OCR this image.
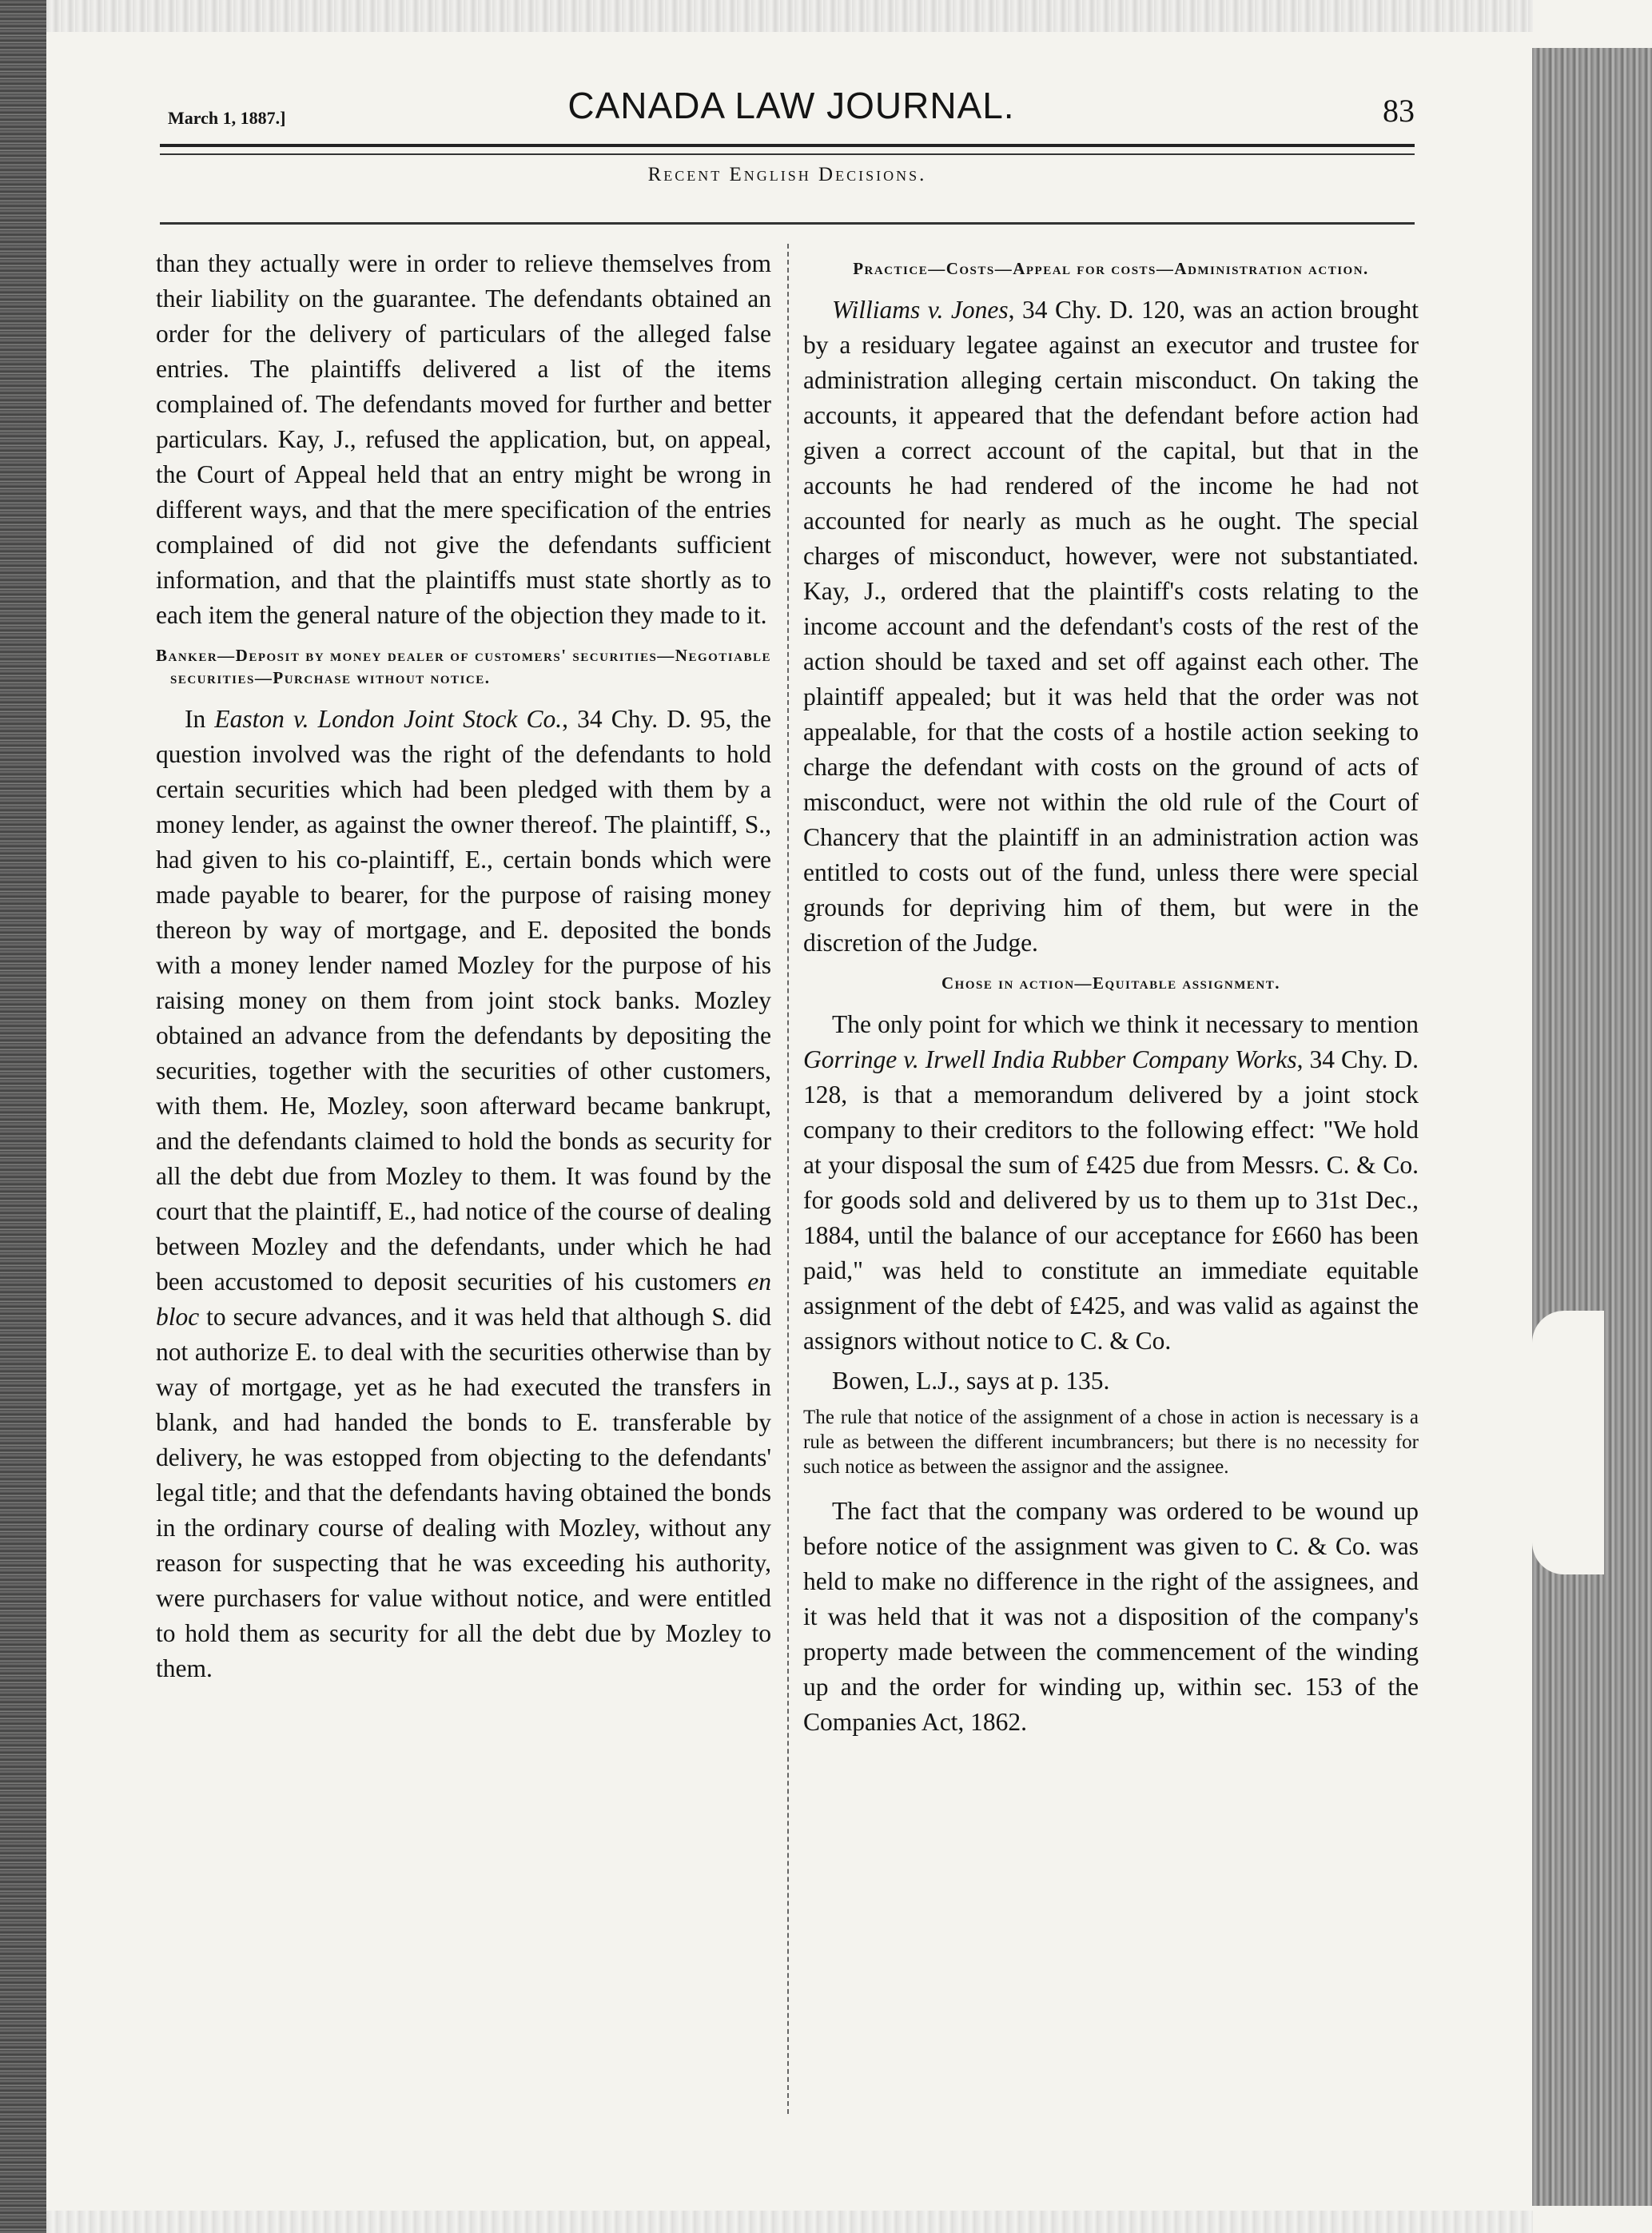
March 1, 1887.]	CANADA LAW JOURNAL.	83
Recent English Decisions.

than they actually were in order to relieve themselves from their liability on the guarantee. The defendants obtained an order for the delivery of particulars of the alleged false entries. The plaintiffs delivered a list of the items complained of. The defendants moved for further and better particulars. Kay, J., refused the application, but, on appeal, the Court of Appeal held that an entry might be wrong in different ways, and that the mere specification of the entries complained of did not give the defendants sufficient information, and that the plaintiffs must state shortly as to each item the general nature of the objection they made to it.

Banker—Deposit by money dealer of customers' securities—Negotiable securities—Purchase without notice.

In Easton v. London Joint Stock Co., 34 Chy. D. 95, the question involved was the right of the defendants to hold certain securities which had been pledged with them by a money lender, as against the owner thereof. The plaintiff, S., had given to his co-plaintiff, E., certain bonds which were made payable to bearer, for the purpose of raising money thereon by way of mortgage, and E. deposited the bonds with a money lender named Mozley for the purpose of his raising money on them from joint stock banks. Mozley obtained an advance from the defendants by depositing the securities, together with the securities of other customers, with them. He, Mozley, soon afterward became bankrupt, and the defendants claimed to hold the bonds as security for all the debt due from Mozley to them. It was found by the court that the plaintiff, E., had notice of the course of dealing between Mozley and the defendants, under which he had been accustomed to deposit securities of his customers en bloc to secure advances, and it was held that although S. did not authorize E. to deal with the securities otherwise than by way of mortgage, yet as he had executed the transfers in blank, and had handed the bonds to E. transferable by delivery, he was estopped from objecting to the defendants' legal title; and that the defendants having obtained the bonds in the ordinary course of dealing with Mozley, without any reason for suspecting that he was exceeding his authority, were purchasers for value without notice, and were entitled to hold them as security for all the debt due by Mozley to them.

Practice—Costs—Appeal for costs—Administration action.

Williams v. Jones, 34 Chy. D. 120, was an action brought by a residuary legatee against an executor and trustee for administration alleging certain misconduct. On taking the accounts, it appeared that the defendant before action had given a correct account of the capital, but that in the accounts he had rendered of the income he had not accounted for nearly as much as he ought. The special charges of misconduct, however, were not substantiated. Kay, J., ordered that the plaintiff's costs relating to the income account and the defendant's costs of the rest of the action should be taxed and set off against each other. The plaintiff appealed; but it was held that the order was not appealable, for that the costs of a hostile action seeking to charge the defendant with costs on the ground of acts of misconduct, were not within the old rule of the Court of Chancery that the plaintiff in an administration action was entitled to costs out of the fund, unless there were special grounds for depriving him of them, but were in the discretion of the Judge.

Chose in action—Equitable assignment.

The only point for which we think it necessary to mention Gorringe v. Irwell India Rubber Company Works, 34 Chy. D. 128, is that a memorandum delivered by a joint stock company to their creditors to the following effect: "We hold at your disposal the sum of £425 due from Messrs. C. & Co. for goods sold and delivered by us to them up to 31st Dec., 1884, until the balance of our acceptance for £660 has been paid," was held to constitute an immediate equitable assignment of the debt of £425, and was valid as against the assignors without notice to C. & Co.

Bowen, L.J., says at p. 135.

The rule that notice of the assignment of a chose in action is necessary is a rule as between the different incumbrancers; but there is no necessity for such notice as between the assignor and the assignee.

The fact that the company was ordered to be wound up before notice of the assignment was given to C. & Co. was held to make no difference in the right of the assignees, and it was held that it was not a disposition of the company's property made between the commencement of the winding up and the order for winding up, within sec. 153 of the Companies Act, 1862.
